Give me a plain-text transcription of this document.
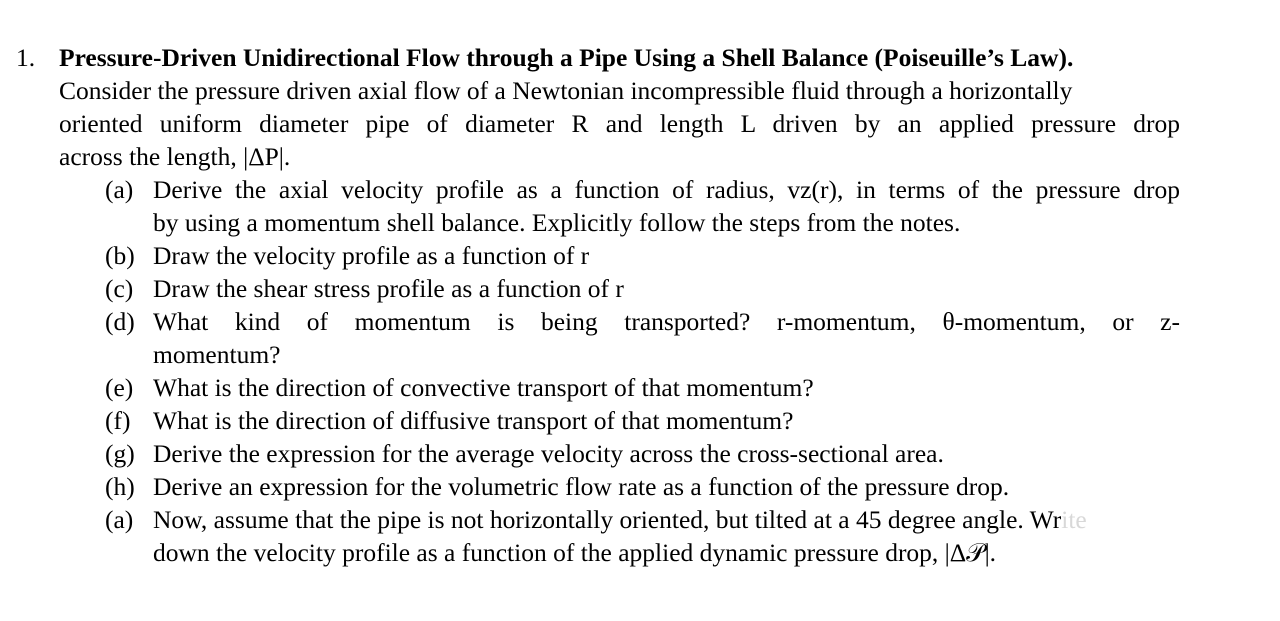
1. Pressure-Driven Unidirectional Flow through a Pipe Using a Shell Balance (Poiseuille’s Law).
Consider the pressure driven axial flow of a Newtonian incompressible fluid through a horizontally
oriented uniform diameter pipe of diameter R and length L driven by an applied pressure drop
across the length, |ΔP|.
(a) Derive the axial velocity profile as a function of radius, vz(r), in terms of the pressure drop
by using a momentum shell balance. Explicitly follow the steps from the notes.
(b) Draw the velocity profile as a function of r
(c) Draw the shear stress profile as a function of r
(d) What kind of momentum is being transported? r-momentum, θ-momentum, or z-
momentum?
(e) What is the direction of convective transport of that momentum?
(f) What is the direction of diffusive transport of that momentum?
(g) Derive the expression for the average velocity across the cross-sectional area.
(h) Derive an expression for the volumetric flow rate as a function of the pressure drop.
(a) Now, assume that the pipe is not horizontally oriented, but tilted at a 45 degree angle. Write
down the velocity profile as a function of the applied dynamic pressure drop, |Δ𝒫|.
